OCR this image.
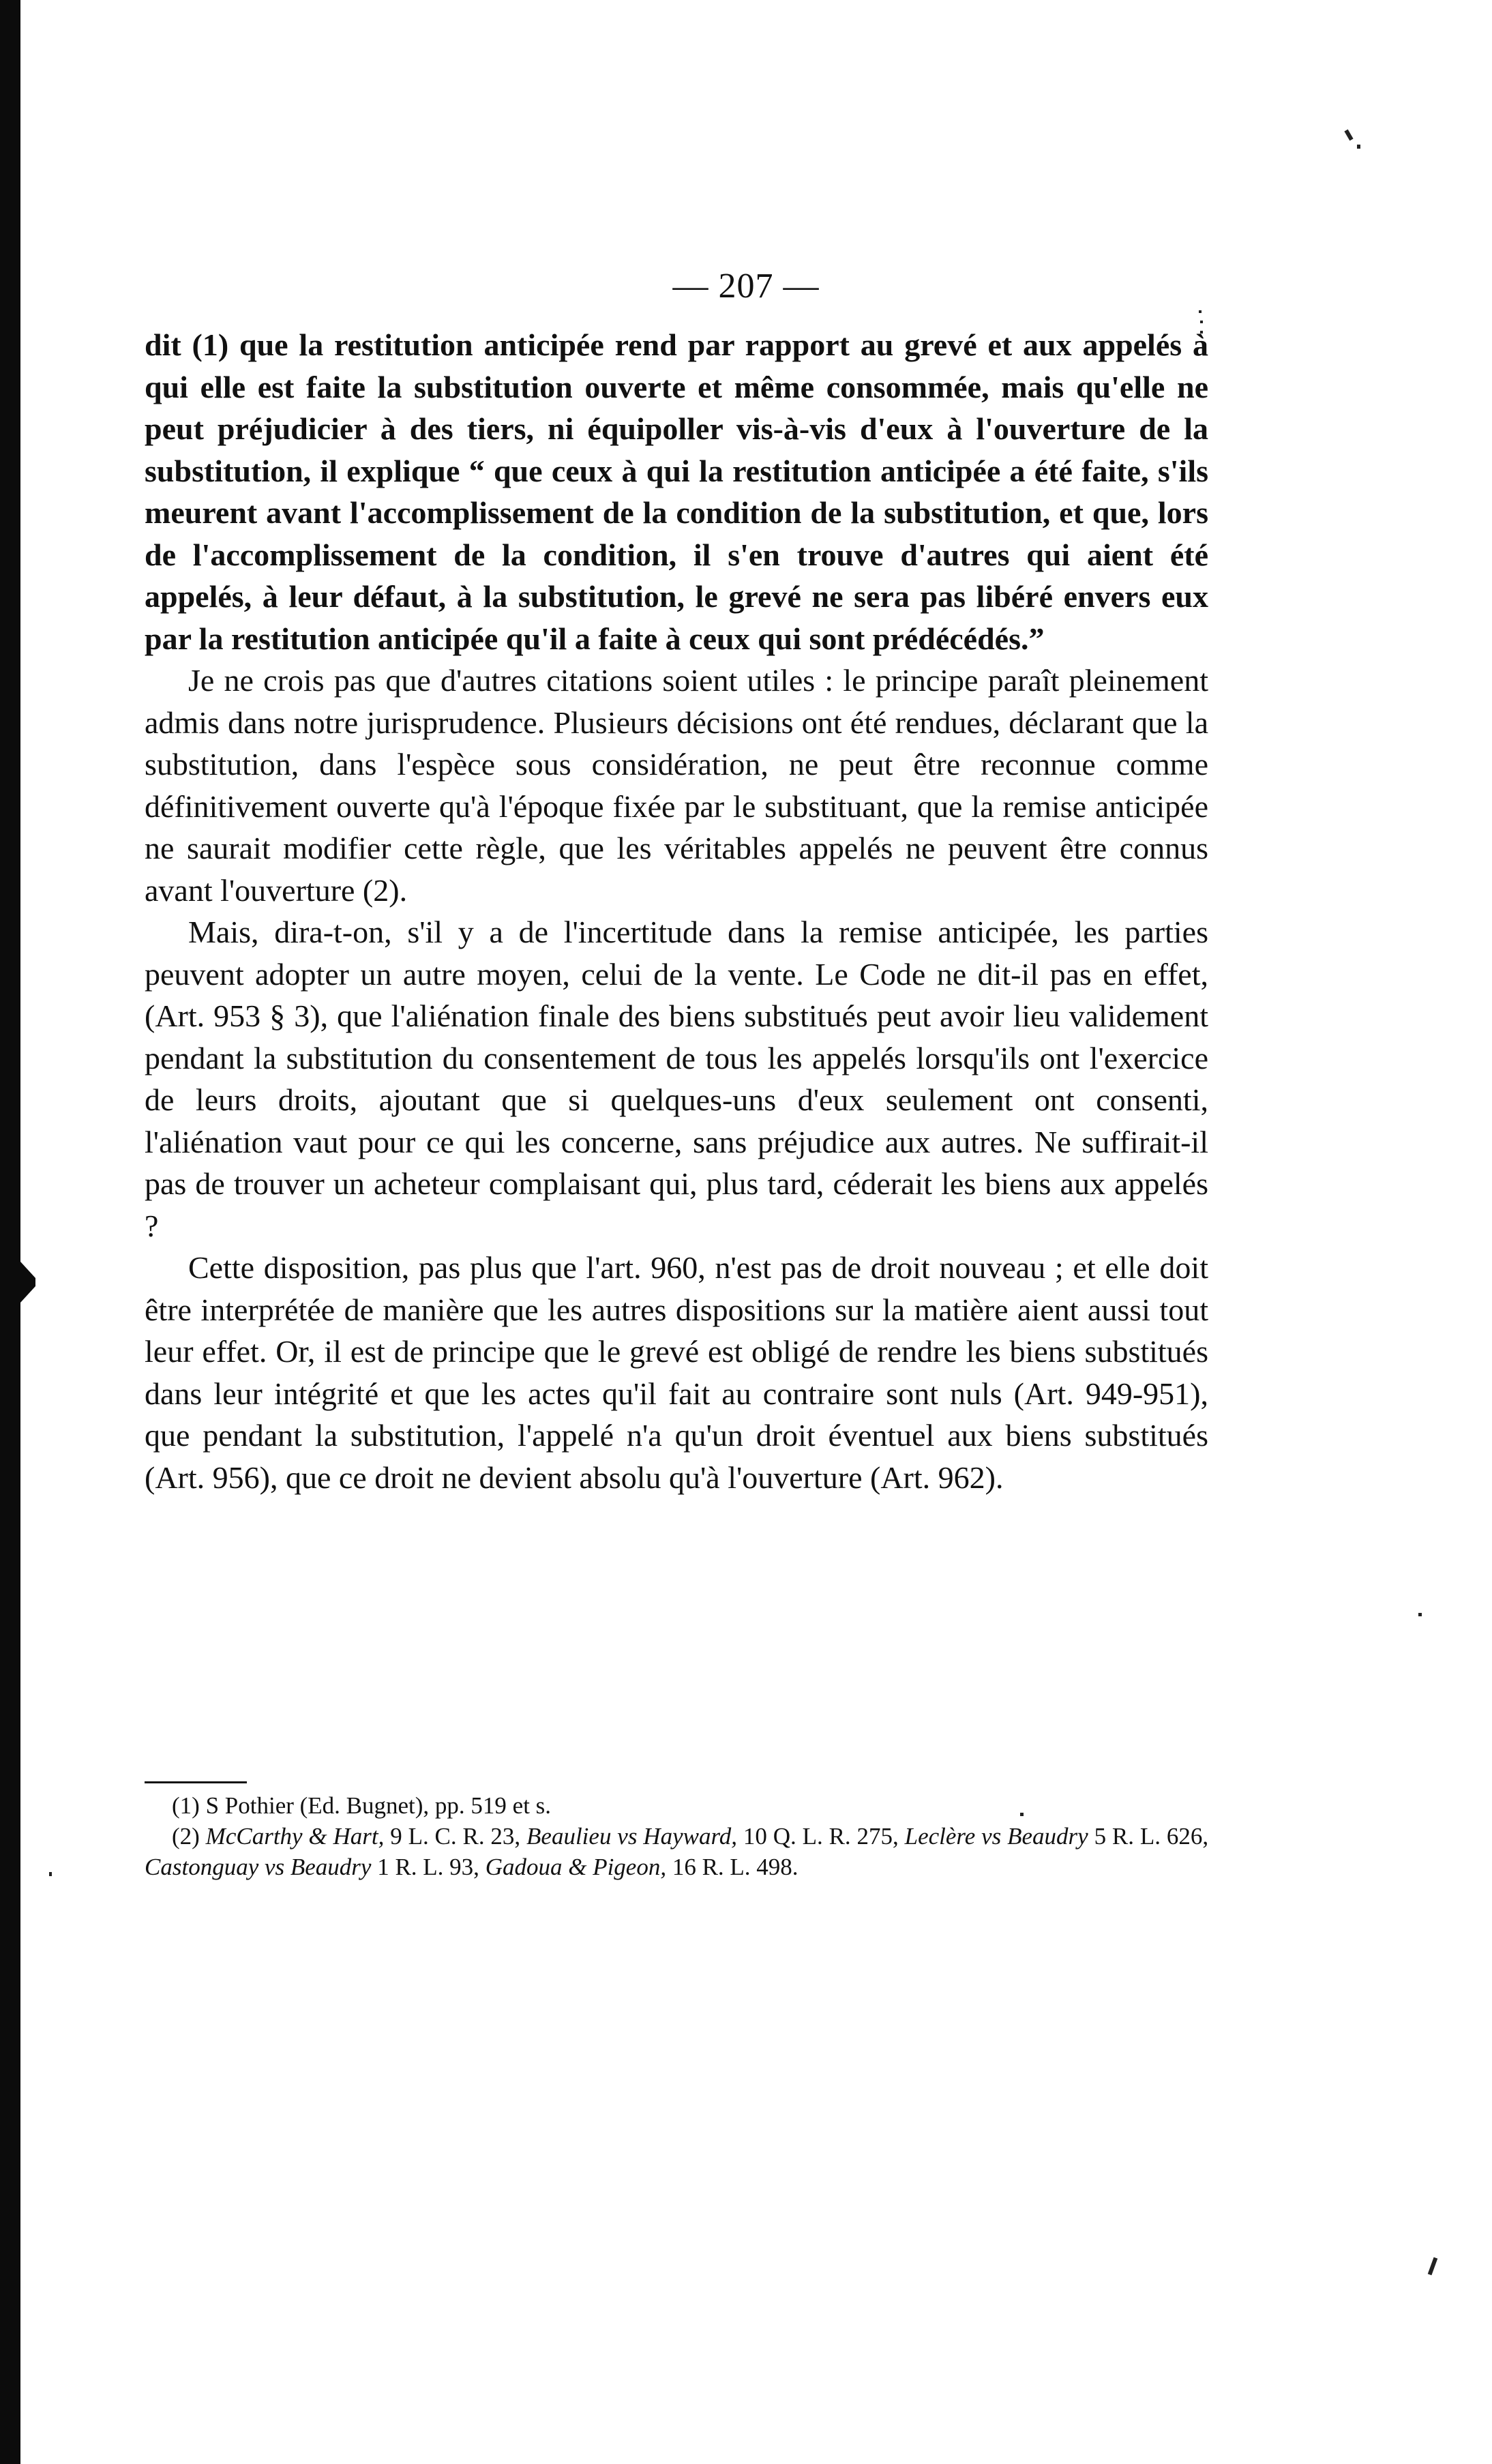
— 207 —

dit (1) que la restitution anticipée rend par rapport au grevé et aux appelés à qui elle est faite la substitution ouverte et même consommée, mais qu'elle ne peut préjudicier à des tiers, ni équipoller vis-à-vis d'eux à l'ouverture de la substitution, il explique “ que ceux à qui la restitution anticipée a été faite, s'ils meurent avant l'accomplissement de la condition de la substitution, et que, lors de l'accomplissement de la condition, il s'en trouve d'autres qui aient été appelés, à leur défaut, à la substitution, le grevé ne sera pas libéré envers eux par la restitution anticipée qu'il a faite à ceux qui sont prédécédés.”

Je ne crois pas que d'autres citations soient utiles : le principe paraît pleinement admis dans notre jurisprudence. Plusieurs décisions ont été rendues, déclarant que la substitution, dans l'espèce sous considération, ne peut être reconnue comme définitivement ouverte qu'à l'époque fixée par le substituant, que la remise anticipée ne saurait modifier cette règle, que les véritables appelés ne peuvent être connus avant l'ouverture (2).

Mais, dira-t-on, s'il y a de l'incertitude dans la remise anticipée, les parties peuvent adopter un autre moyen, celui de la vente. Le Code ne dit-il pas en effet, (Art. 953 § 3), que l'aliénation finale des biens substitués peut avoir lieu validement pendant la substitution du consentement de tous les appelés lorsqu'ils ont l'exercice de leurs droits, ajoutant que si quelques-uns d'eux seulement ont consenti, l'aliénation vaut pour ce qui les concerne, sans préjudice aux autres. Ne suffirait-il pas de trouver un acheteur complaisant qui, plus tard, céderait les biens aux appelés ?

Cette disposition, pas plus que l'art. 960, n'est pas de droit nouveau ; et elle doit être interprétée de manière que les autres dispositions sur la matière aient aussi tout leur effet. Or, il est de principe que le grevé est obligé de rendre les biens substitués dans leur intégrité et que les actes qu'il fait au contraire sont nuls (Art. 949-951), que pendant la substitution, l'appelé n'a qu'un droit éventuel aux biens substitués (Art. 956), que ce droit ne devient absolu qu'à l'ouverture (Art. 962).

(1) S Pothier (Ed. Bugnet), pp. 519 et s.

(2) McCarthy & Hart, 9 L. C. R. 23, Beaulieu vs Hayward, 10 Q. L. R. 275, Leclère vs Beaudry 5 R. L. 626, Castonguay vs Beaudry 1 R. L. 93, Gadoua & Pigeon, 16 R. L. 498.
